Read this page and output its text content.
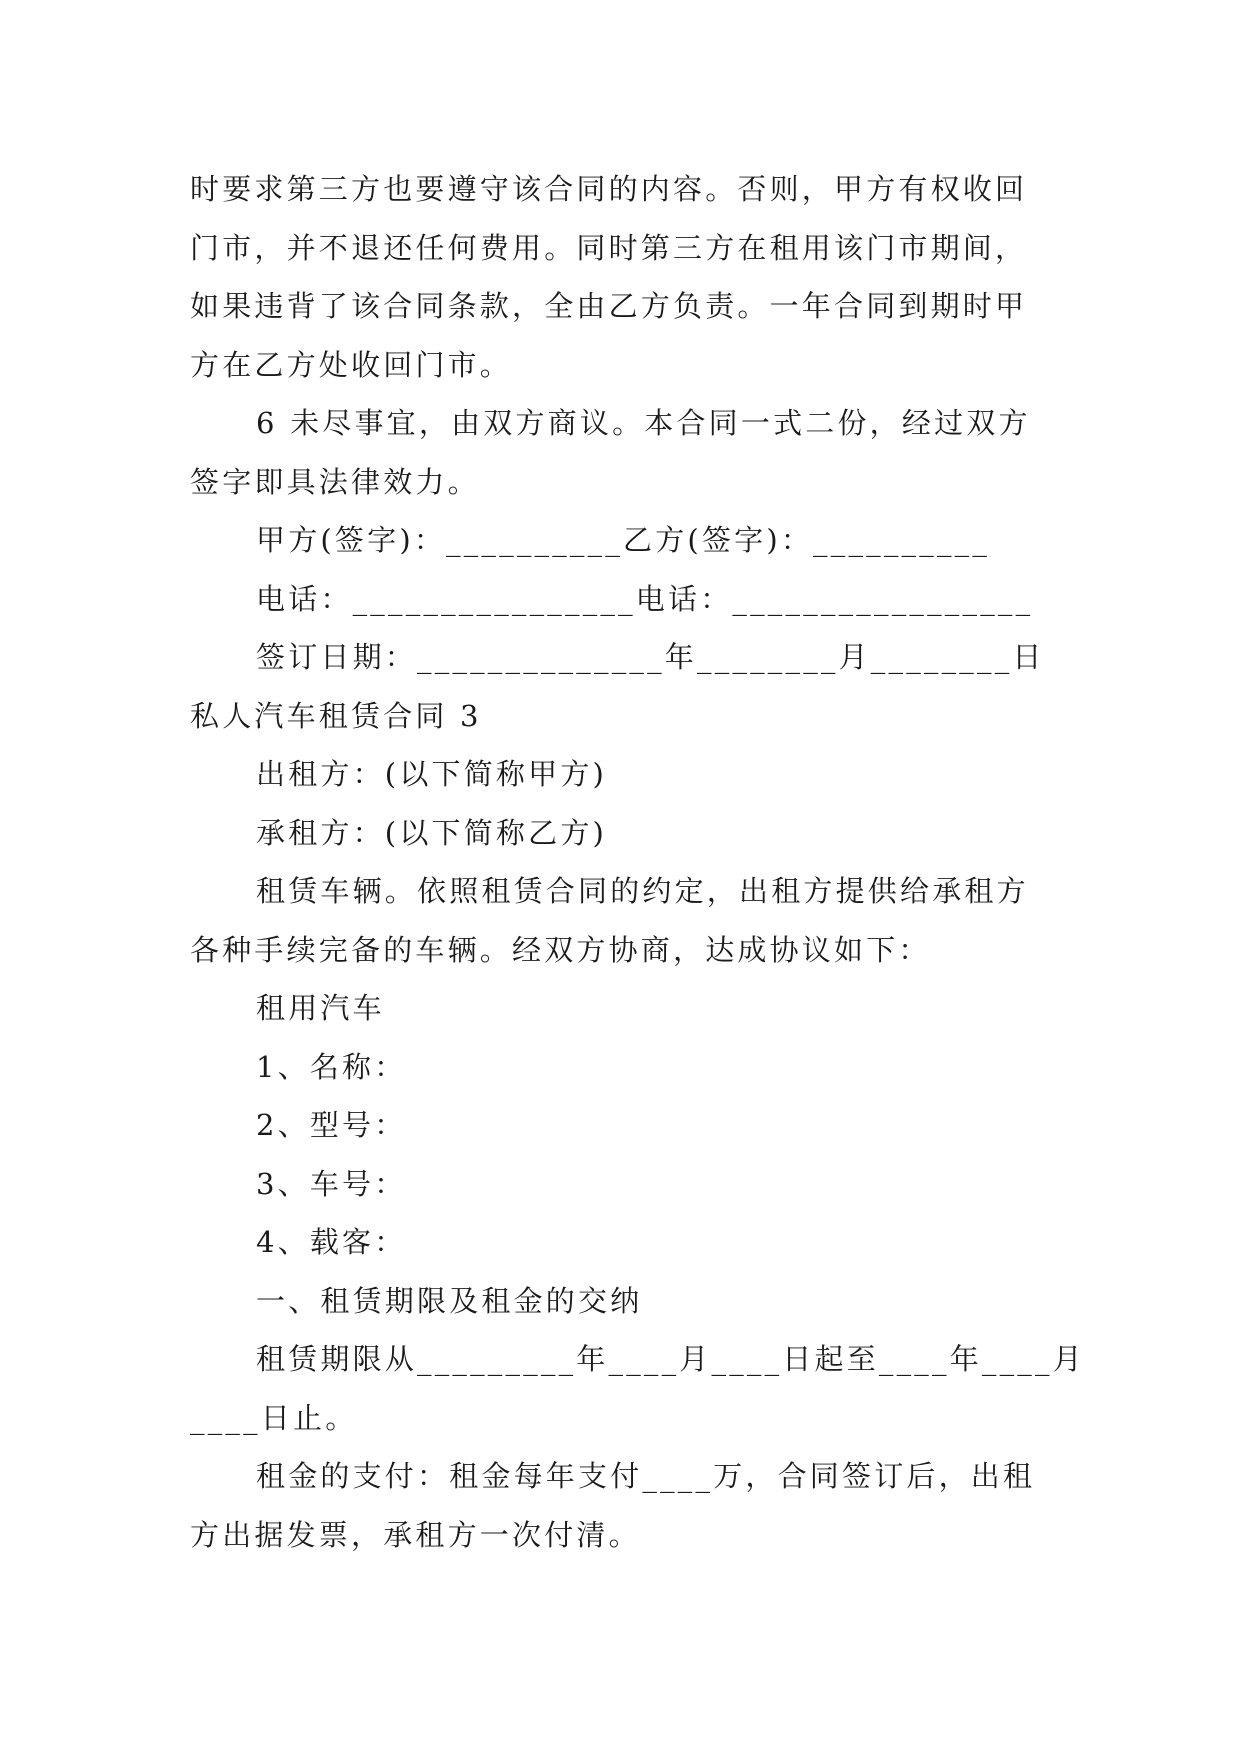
时要求第三方也要遵守该合同的内容。否则，甲方有权收回
门市，并不退还任何费用。同时第三方在租用该门市期间，
如果违背了该合同条款，全由乙方负责。一年合同到期时甲
方在乙方处收回门市。
6 未尽事宜，由双方商议。本合同一式二份，经过双方
签字即具法律效力。
甲方(签字)：__________乙方(签字)：__________
电话：________________电话：_________________
签订日期：______________年________月________日
私人汽车租赁合同 3
出租方：(以下简称甲方)
承租方：(以下简称乙方)
租赁车辆。依照租赁合同的约定，出租方提供给承租方
各种手续完备的车辆。经双方协商，达成协议如下：
租用汽车
1、名称：
2、型号：
3、车号：
4、载客：
一、租赁期限及租金的交纳
租赁期限从_________年____月____日起至____年____月
____日止。
租金的支付：租金每年支付____万，合同签订后，出租
方出据发票，承租方一次付清。
